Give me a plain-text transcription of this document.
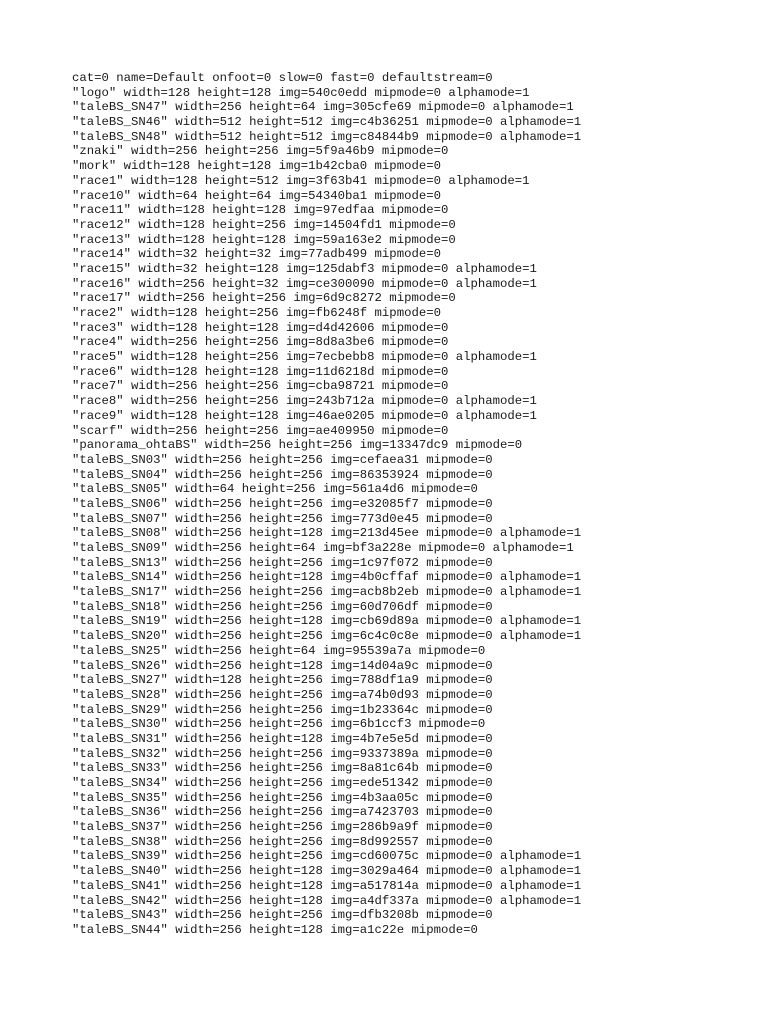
cat=0 name=Default onfoot=0 slow=0 fast=0 defaultstream=0
"logo" width=128 height=128 img=540c0edd mipmode=0 alphamode=1
"taleBS_SN47" width=256 height=64 img=305cfe69 mipmode=0 alphamode=1
"taleBS_SN46" width=512 height=512 img=c4b36251 mipmode=0 alphamode=1
"taleBS_SN48" width=512 height=512 img=c84844b9 mipmode=0 alphamode=1
"znaki" width=256 height=256 img=5f9a46b9 mipmode=0
"mork" width=128 height=128 img=1b42cba0 mipmode=0
"race1" width=128 height=512 img=3f63b41 mipmode=0 alphamode=1
"race10" width=64 height=64 img=54340ba1 mipmode=0
"race11" width=128 height=128 img=97edfaa mipmode=0
"race12" width=128 height=256 img=14504fd1 mipmode=0
"race13" width=128 height=128 img=59a163e2 mipmode=0
"race14" width=32 height=32 img=77adb499 mipmode=0
"race15" width=32 height=128 img=125dabf3 mipmode=0 alphamode=1
"race16" width=256 height=32 img=ce300090 mipmode=0 alphamode=1
"race17" width=256 height=256 img=6d9c8272 mipmode=0
"race2" width=128 height=256 img=fb6248f mipmode=0
"race3" width=128 height=128 img=d4d42606 mipmode=0
"race4" width=256 height=256 img=8d8a3be6 mipmode=0
"race5" width=128 height=256 img=7ecbebb8 mipmode=0 alphamode=1
"race6" width=128 height=128 img=11d6218d mipmode=0
"race7" width=256 height=256 img=cba98721 mipmode=0
"race8" width=256 height=256 img=243b712a mipmode=0 alphamode=1
"race9" width=128 height=128 img=46ae0205 mipmode=0 alphamode=1
"scarf" width=256 height=256 img=ae409950 mipmode=0
"panorama_ohtaBS" width=256 height=256 img=13347dc9 mipmode=0
"taleBS_SN03" width=256 height=256 img=cefaea31 mipmode=0
"taleBS_SN04" width=256 height=256 img=86353924 mipmode=0
"taleBS_SN05" width=64 height=256 img=561a4d6 mipmode=0
"taleBS_SN06" width=256 height=256 img=e32085f7 mipmode=0
"taleBS_SN07" width=256 height=256 img=773d0e45 mipmode=0
"taleBS_SN08" width=256 height=128 img=213d45ee mipmode=0 alphamode=1
"taleBS_SN09" width=256 height=64 img=bf3a228e mipmode=0 alphamode=1
"taleBS_SN13" width=256 height=256 img=1c97f072 mipmode=0
"taleBS_SN14" width=256 height=128 img=4b0cffaf mipmode=0 alphamode=1
"taleBS_SN17" width=256 height=256 img=acb8b2eb mipmode=0 alphamode=1
"taleBS_SN18" width=256 height=256 img=60d706df mipmode=0
"taleBS_SN19" width=256 height=128 img=cb69d89a mipmode=0 alphamode=1
"taleBS_SN20" width=256 height=256 img=6c4c0c8e mipmode=0 alphamode=1
"taleBS_SN25" width=256 height=64 img=95539a7a mipmode=0
"taleBS_SN26" width=256 height=128 img=14d04a9c mipmode=0
"taleBS_SN27" width=128 height=256 img=788df1a9 mipmode=0
"taleBS_SN28" width=256 height=256 img=a74b0d93 mipmode=0
"taleBS_SN29" width=256 height=256 img=1b23364c mipmode=0
"taleBS_SN30" width=256 height=256 img=6b1ccf3 mipmode=0
"taleBS_SN31" width=256 height=128 img=4b7e5e5d mipmode=0
"taleBS_SN32" width=256 height=256 img=9337389a mipmode=0
"taleBS_SN33" width=256 height=256 img=8a81c64b mipmode=0
"taleBS_SN34" width=256 height=256 img=ede51342 mipmode=0
"taleBS_SN35" width=256 height=256 img=4b3aa05c mipmode=0
"taleBS_SN36" width=256 height=256 img=a7423703 mipmode=0
"taleBS_SN37" width=256 height=256 img=286b9a9f mipmode=0
"taleBS_SN38" width=256 height=256 img=8d992557 mipmode=0
"taleBS_SN39" width=256 height=256 img=cd60075c mipmode=0 alphamode=1
"taleBS_SN40" width=256 height=128 img=3029a464 mipmode=0 alphamode=1
"taleBS_SN41" width=256 height=128 img=a517814a mipmode=0 alphamode=1
"taleBS_SN42" width=256 height=128 img=a4df337a mipmode=0 alphamode=1
"taleBS_SN43" width=256 height=256 img=dfb3208b mipmode=0
"taleBS_SN44" width=256 height=128 img=a1c22e mipmode=0
